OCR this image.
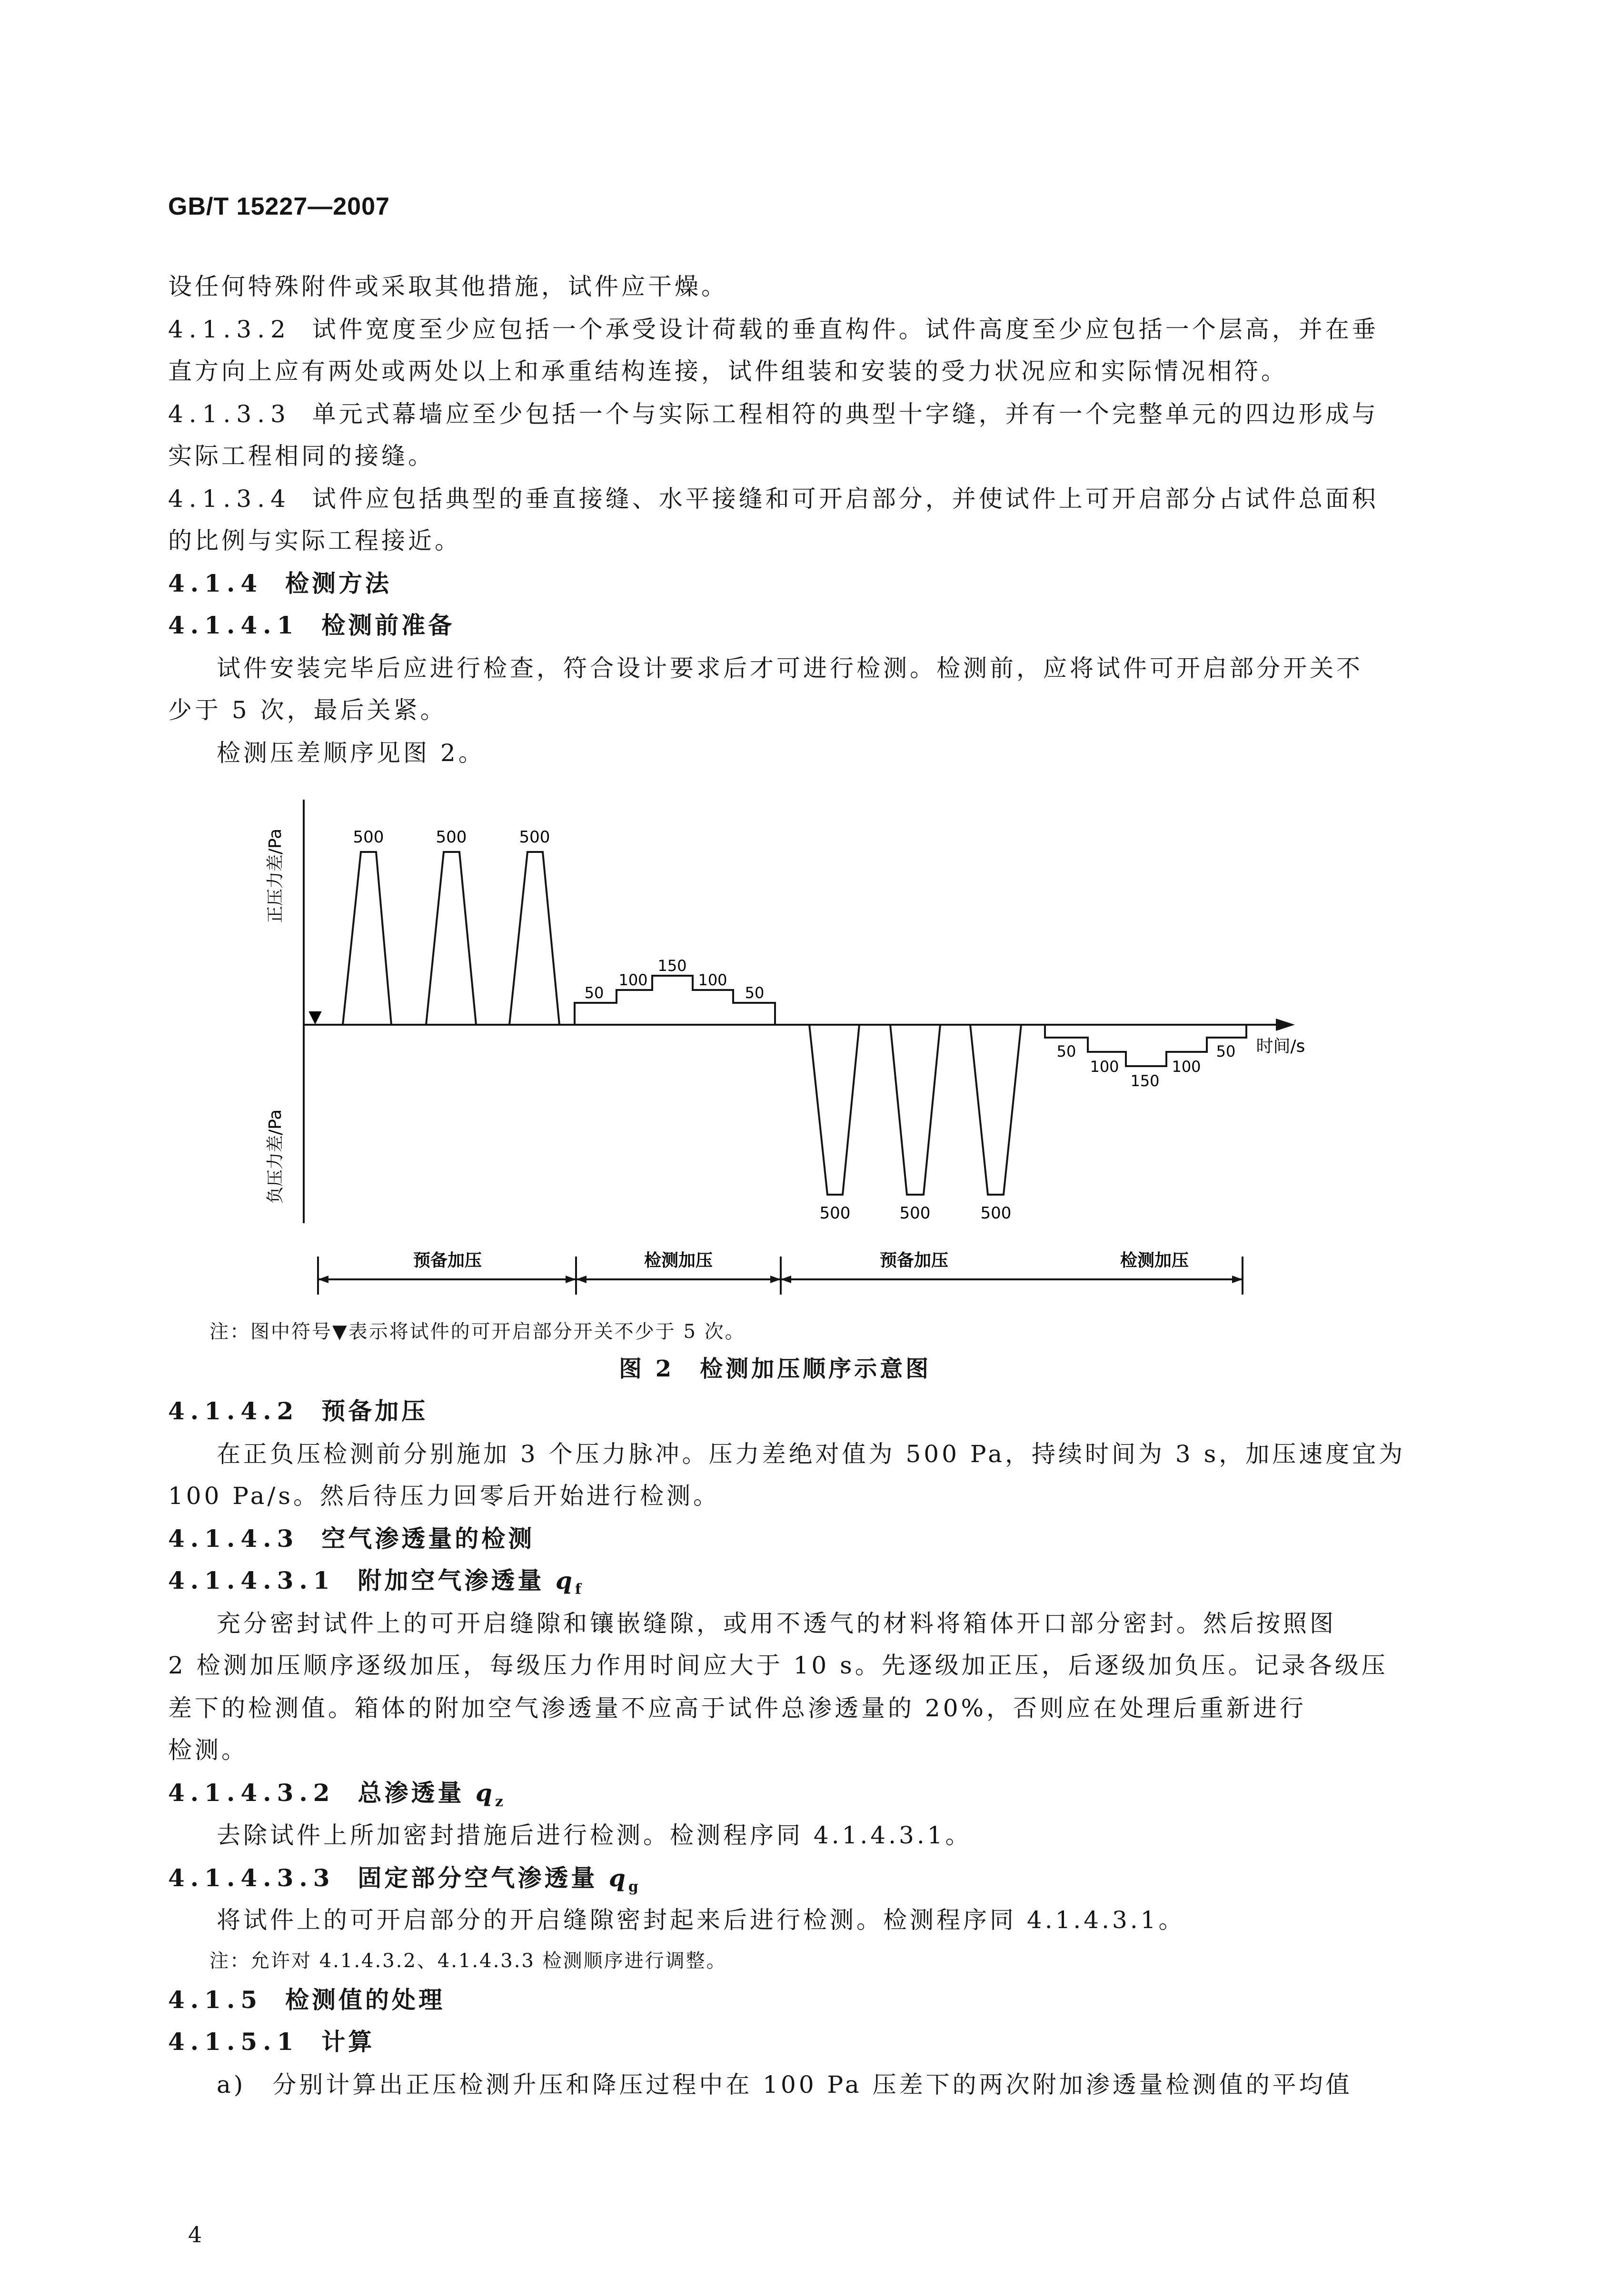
GB/T 15227—2007
设任何特殊附件或采取其他措施，试件应干燥。
4.1.3.2 试件宽度至少应包括一个承受设计荷载的垂直构件。试件高度至少应包括一个层高，并在垂
直方向上应有两处或两处以上和承重结构连接，试件组装和安装的受力状况应和实际情况相符。
4.1.3.3 单元式幕墙应至少包括一个与实际工程相符的典型十字缝，并有一个完整单元的四边形成与
实际工程相同的接缝。
4.1.3.4 试件应包括典型的垂直接缝、水平接缝和可开启部分，并使试件上可开启部分占试件总面积
的比例与实际工程接近。
4.1.4 检测方法
4.1.4.1 检测前准备
试件安装完毕后应进行检查，符合设计要求后才可进行检测。检测前，应将试件可开启部分开关不
少于 5 次，最后关紧。
检测压差顺序见图 2。
▼
正压力差/Pa
负压力差/Pa
500	500	500
50
100
150
100
50
500	500	500
50
100
150
100
50 时间/s
预备加压	检测加压	预备加压	检测加压
注：图中符号▼表示将试件的可开启部分开关不少于 5 次。
图 2　检测加压顺序示意图
4.1.4.2 预备加压
在正负压检测前分别施加 3 个压力脉冲。压力差绝对值为 500 Pa，持续时间为 3 s，加压速度宜为
100 Pa/s。然后待压力回零后开始进行检测。
4.1.4.3 空气渗透量的检测
4.1.4.3.1 附加空气渗透量 $q_f$
充分密封试件上的可开启缝隙和镶嵌缝隙，或用不透气的材料将箱体开口部分密封。然后按照图
2 检测加压顺序逐级加压，每级压力作用时间应大于 10 s。先逐级加正压，后逐级加负压。记录各级压
差下的检测值。箱体的附加空气渗透量不应高于试件总渗透量的 20%，否则应在处理后重新进行
检测。
4.1.4.3.2 总渗透量 $q_z$
去除试件上所加密封措施后进行检测。检测程序同 4.1.4.3.1。
4.1.4.3.3 固定部分空气渗透量 $q_g$
将试件上的可开启部分的开启缝隙密封起来后进行检测。检测程序同 4.1.4.3.1。
注：允许对 4.1.4.3.2、4.1.4.3.3 检测顺序进行调整。
4.1.5 检测值的处理
4.1.5.1 计算
a)　分别计算出正压检测升压和降压过程中在 100 Pa 压差下的两次附加渗透量检测值的平均值
4
